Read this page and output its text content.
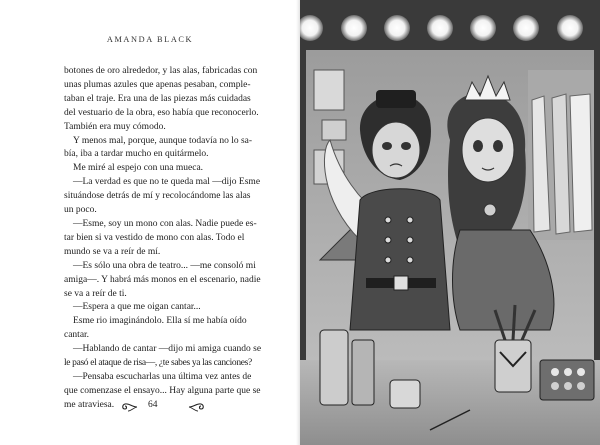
AMANDA BLACK

botones de oro alrededor, y las alas, fabricadas con

unas plumas azules que apenas pesaban, comple-

taban el traje. Era una de las piezas más cuidadas

del vestuario de la obra, eso había que reconocerlo.

También era muy cómodo.

Y menos mal, porque, aunque todavía no lo sa-

bía, iba a tardar mucho en quitármelo.

Me miré al espejo con una mueca.

—La verdad es que no te queda mal —dijo Esme

situándose detrás de mí y recolocándome las alas

un poco.

—Esme, soy un mono con alas. Nadie puede es-

tar bien si va vestido de mono con alas. Todo el

mundo se va a reír de mí.

—Es sólo una obra de teatro... —me consoló mi

amiga—. Y habrá más monos en el escenario, nadie

se va a reír de ti.

—Espera a que me oigan cantar...

Esme rio imaginándolo. Ella sí me había oído

cantar.

—Hablando de cantar —dijo mi amiga cuando se

le pasó el ataque de risa—, ¿te sabes ya las canciones?

—Pensaba escucharlas una última vez antes de

que comenzase el ensayo... Hay alguna parte que se

me atraviesa.	64
